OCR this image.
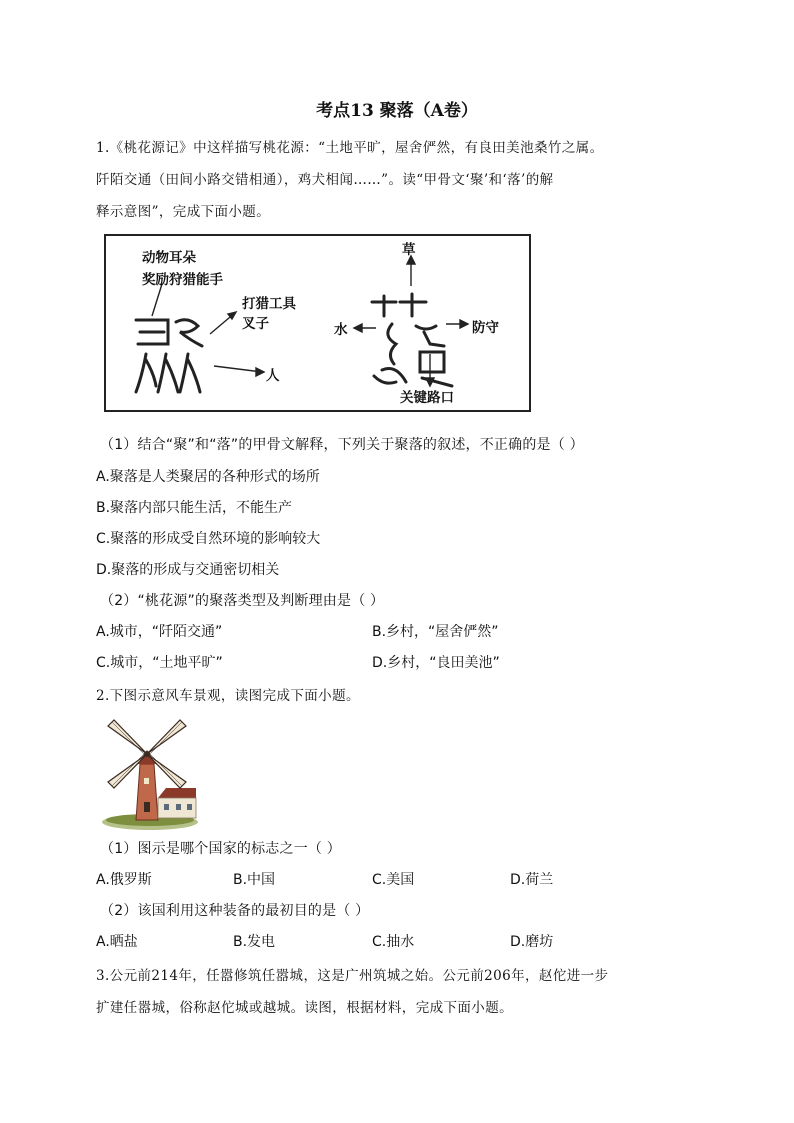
考点13 聚落（A卷）
1.《桃花源记》中这样描写桃花源：“土地平旷，屋舍俨然，有良田美池桑竹之属。
阡陌交通（田间小路交错相通），鸡犬相闻……”。读“甲骨文‘聚’和‘落’的解
释示意图”，完成下面小题。
动物耳朵
奖励狩猎能手
打猎工具
叉子
人
草
水	防守
关键路口
（1）结合“聚”和“落”的甲骨文解释，下列关于聚落的叙述，不正确的是（ ）
A.聚落是人类聚居的各种形式的场所
B.聚落内部只能生活，不能生产
C.聚落的形成受自然环境的影响较大
D.聚落的形成与交通密切相关
（2）“桃花源”的聚落类型及判断理由是（ ）
A.城市，“阡陌交通”	B.乡村，“屋舍俨然”
C.城市，“土地平旷”	D.乡村，“良田美池”
2.下图示意风车景观，读图完成下面小题。
（1）图示是哪个国家的标志之一（ ）
A.俄罗斯	B.中国	C.美国	D.荷兰
（2）该国利用这种装备的最初目的是（ ）
A.晒盐	B.发电	C.抽水	D.磨坊
3.公元前214年，任嚣修筑任嚣城，这是广州筑城之始。公元前206年，赵佗进一步
扩建任嚣城，俗称赵佗城或越城。读图，根据材料，完成下面小题。
